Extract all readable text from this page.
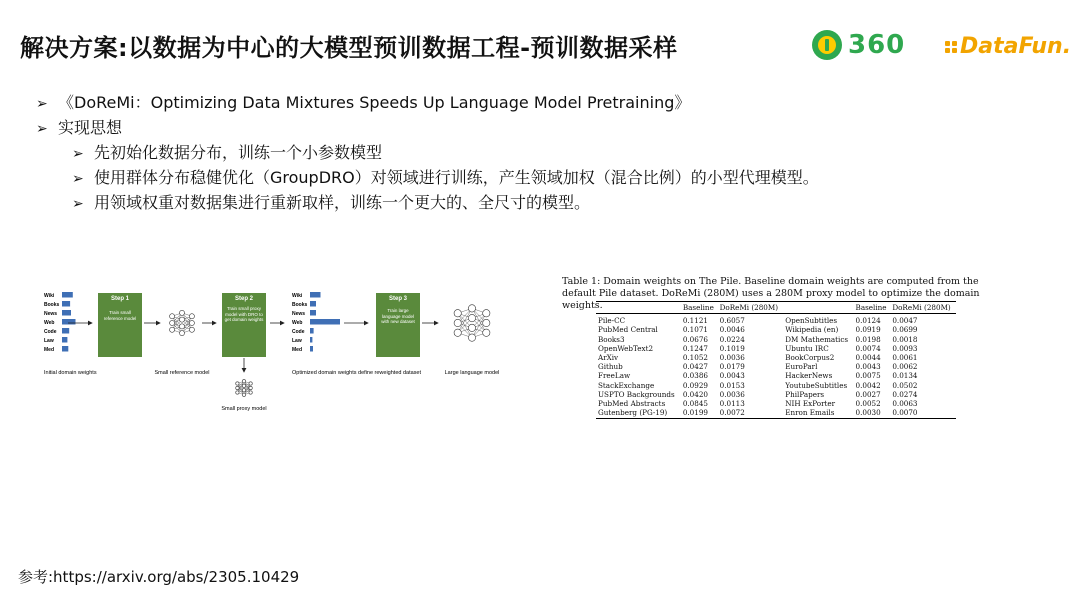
解决方案:以数据为中心的大模型预训数据工程-预训数据采样	360 DataFun.
➢ 《DoReMi：Optimizing Data Mixtures Speeds Up Language Model Pretraining》
➢ 实现思想
➢ 先初始化数据分布，训练一个小参数模型
➢ 使用群体分布稳健优化（GroupDRO）对领域进行训练，产生领域加权（混合比例）的小型代理模型。
➢ 用领域权重对数据集进行重新取样，训练一个更大的、全尺寸的模型。
Wiki
Books
News
Web
Code
Law
Med
Initial domain weights
Step 1
Train small reference model
Small reference model
Step 2
Train small proxy model with DRO to get domain weights
Small proxy model
Wiki
Books
News
Web
Code
Law
Med
Optimized domain weights define reweighted dataset
Step 3
Train large language model with new dataset
Large language model
Table 1: Domain weights on The Pile. Baseline domain weights are computed from the default Pile dataset. DoReMi (280M) uses a 280M proxy model to optimize the domain weights.
		Baseline	DoReMi (280M)		Baseline	DoReMi (280M)
Pile-CC	0.1121	0.6057	OpenSubtitles	0.0124	0.0047
PubMed Central	0.1071	0.0046	Wikipedia (en)	0.0919	0.0699
Books3	0.0676	0.0224	DM Mathematics	0.0198	0.0018
OpenWebText2	0.1247	0.1019	Ubuntu IRC	0.0074	0.0093
ArXiv	0.1052	0.0036	BookCorpus2	0.0044	0.0061
Github	0.0427	0.0179	EuroParl	0.0043	0.0062
FreeLaw	0.0386	0.0043	HackerNews	0.0075	0.0134
StackExchange	0.0929	0.0153	YoutubeSubtitles	0.0042	0.0502
USPTO Backgrounds	0.0420	0.0036	PhilPapers	0.0027	0.0274
PubMed Abstracts	0.0845	0.0113	NIH ExPorter	0.0052	0.0063
Gutenberg (PG-19)	0.0199	0.0072	Enron Emails	0.0030	0.0070
参考:https://arxiv.org/abs/2305.10429
